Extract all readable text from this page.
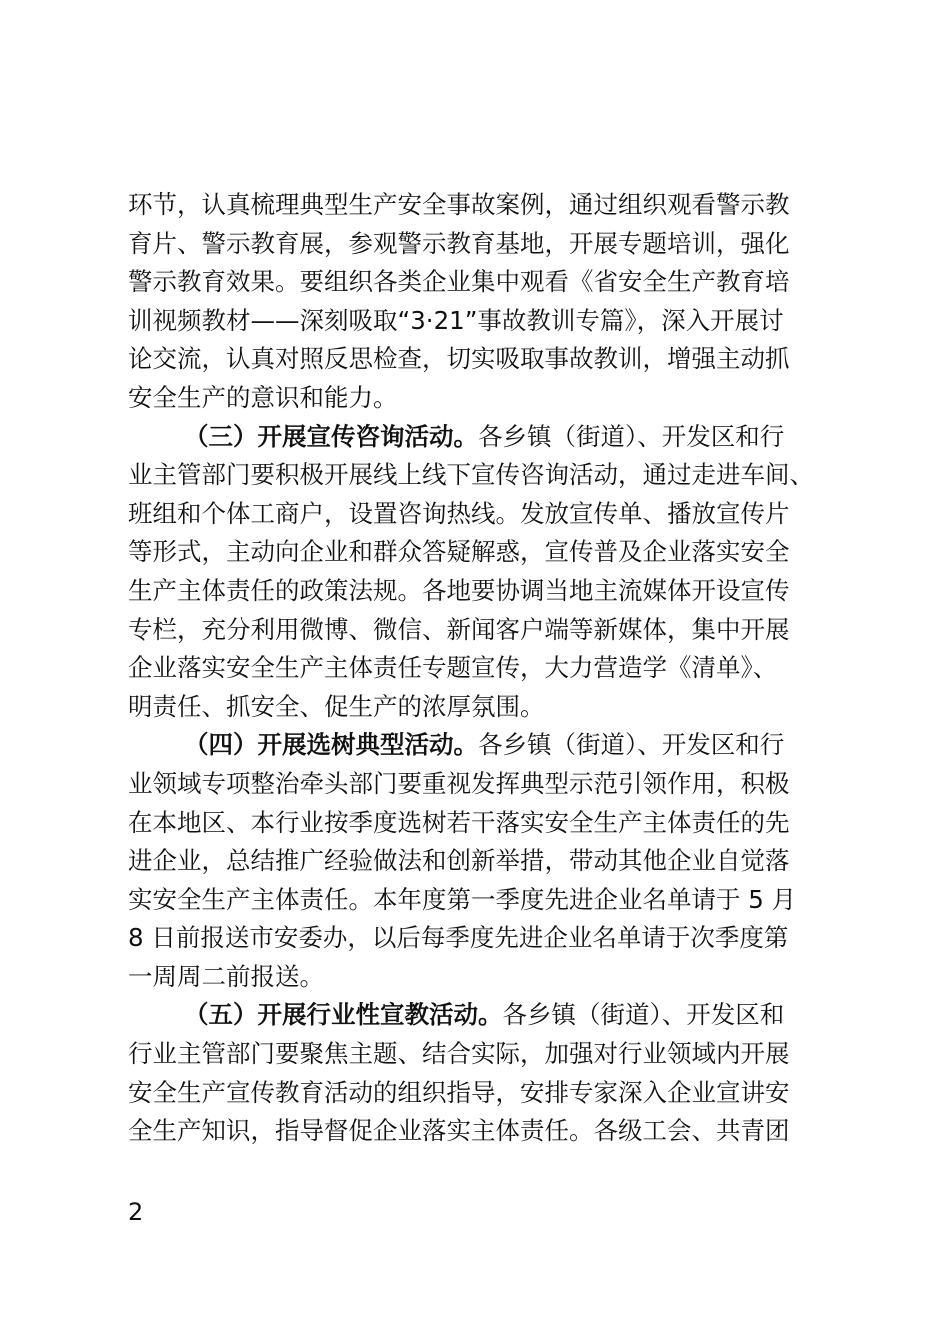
环节，认真梳理典型生产安全事故案例，通过组织观看警示教
育片、警示教育展，参观警示教育基地，开展专题培训，强化
警示教育效果。要组织各类企业集中观看《省安全生产教育培
训视频教材——深刻吸取“3·21”事故教训专篇》，深入开展讨
论交流，认真对照反思检查，切实吸取事故教训，增强主动抓
安全生产的意识和能力。
（三）开展宣传咨询活动。各乡镇（街道）、开发区和行
业主管部门要积极开展线上线下宣传咨询活动，通过走进车间、
班组和个体工商户，设置咨询热线。发放宣传单、播放宣传片
等形式，主动向企业和群众答疑解惑，宣传普及企业落实安全
生产主体责任的政策法规。各地要协调当地主流媒体开设宣传
专栏，充分利用微博、微信、新闻客户端等新媒体，集中开展
企业落实安全生产主体责任专题宣传，大力营造学《清单》、
明责任、抓安全、促生产的浓厚氛围。
（四）开展选树典型活动。各乡镇（街道）、开发区和行
业领域专项整治牵头部门要重视发挥典型示范引领作用，积极
在本地区、本行业按季度选树若干落实安全生产主体责任的先
进企业，总结推广经验做法和创新举措，带动其他企业自觉落
实安全生产主体责任。本年度第一季度先进企业名单请于 5 月
8 日前报送市安委办，以后每季度先进企业名单请于次季度第
一周周二前报送。
（五）开展行业性宣教活动。各乡镇（街道）、开发区和
行业主管部门要聚焦主题、结合实际，加强对行业领域内开展
安全生产宣传教育活动的组织指导，安排专家深入企业宣讲安
全生产知识，指导督促企业落实主体责任。各级工会、共青团
2
